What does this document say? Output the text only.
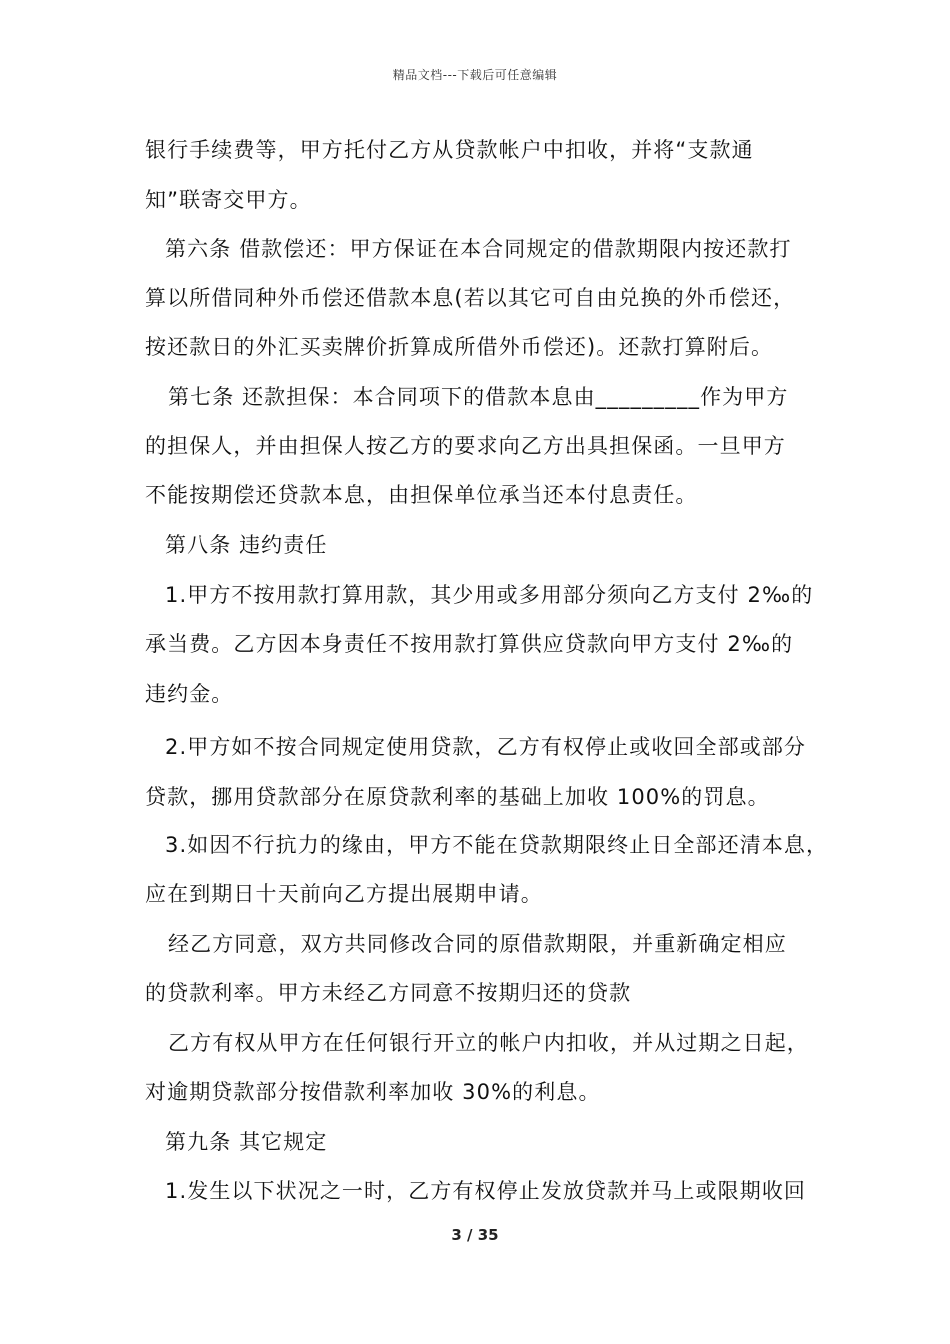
精品文档---下载后可任意编辑
银行手续费等，甲方托付乙方从贷款帐户中扣收，并将“支款通
知”联寄交甲方。
第六条 借款偿还：甲方保证在本合同规定的借款期限内按还款打
算以所借同种外币偿还借款本息(若以其它可自由兑换的外币偿还，
按还款日的外汇买卖牌价折算成所借外币偿还)。还款打算附后。
第七条 还款担保：本合同项下的借款本息由_________作为甲方
的担保人，并由担保人按乙方的要求向乙方出具担保函。一旦甲方
不能按期偿还贷款本息，由担保单位承当还本付息责任。
第八条 违约责任
1.甲方不按用款打算用款，其少用或多用部分须向乙方支付 2‰的
承当费。乙方因本身责任不按用款打算供应贷款向甲方支付 2‰的
违约金。
2.甲方如不按合同规定使用贷款，乙方有权停止或收回全部或部分
贷款，挪用贷款部分在原贷款利率的基础上加收 100%的罚息。
3.如因不行抗力的缘由，甲方不能在贷款期限终止日全部还清本息，
应在到期日十天前向乙方提出展期申请。
经乙方同意，双方共同修改合同的原借款期限，并重新确定相应
的贷款利率。甲方未经乙方同意不按期归还的贷款
乙方有权从甲方在任何银行开立的帐户内扣收，并从过期之日起，
对逾期贷款部分按借款利率加收 30%的利息。
第九条 其它规定
1.发生以下状况之一时，乙方有权停止发放贷款并马上或限期收回
3 / 35
